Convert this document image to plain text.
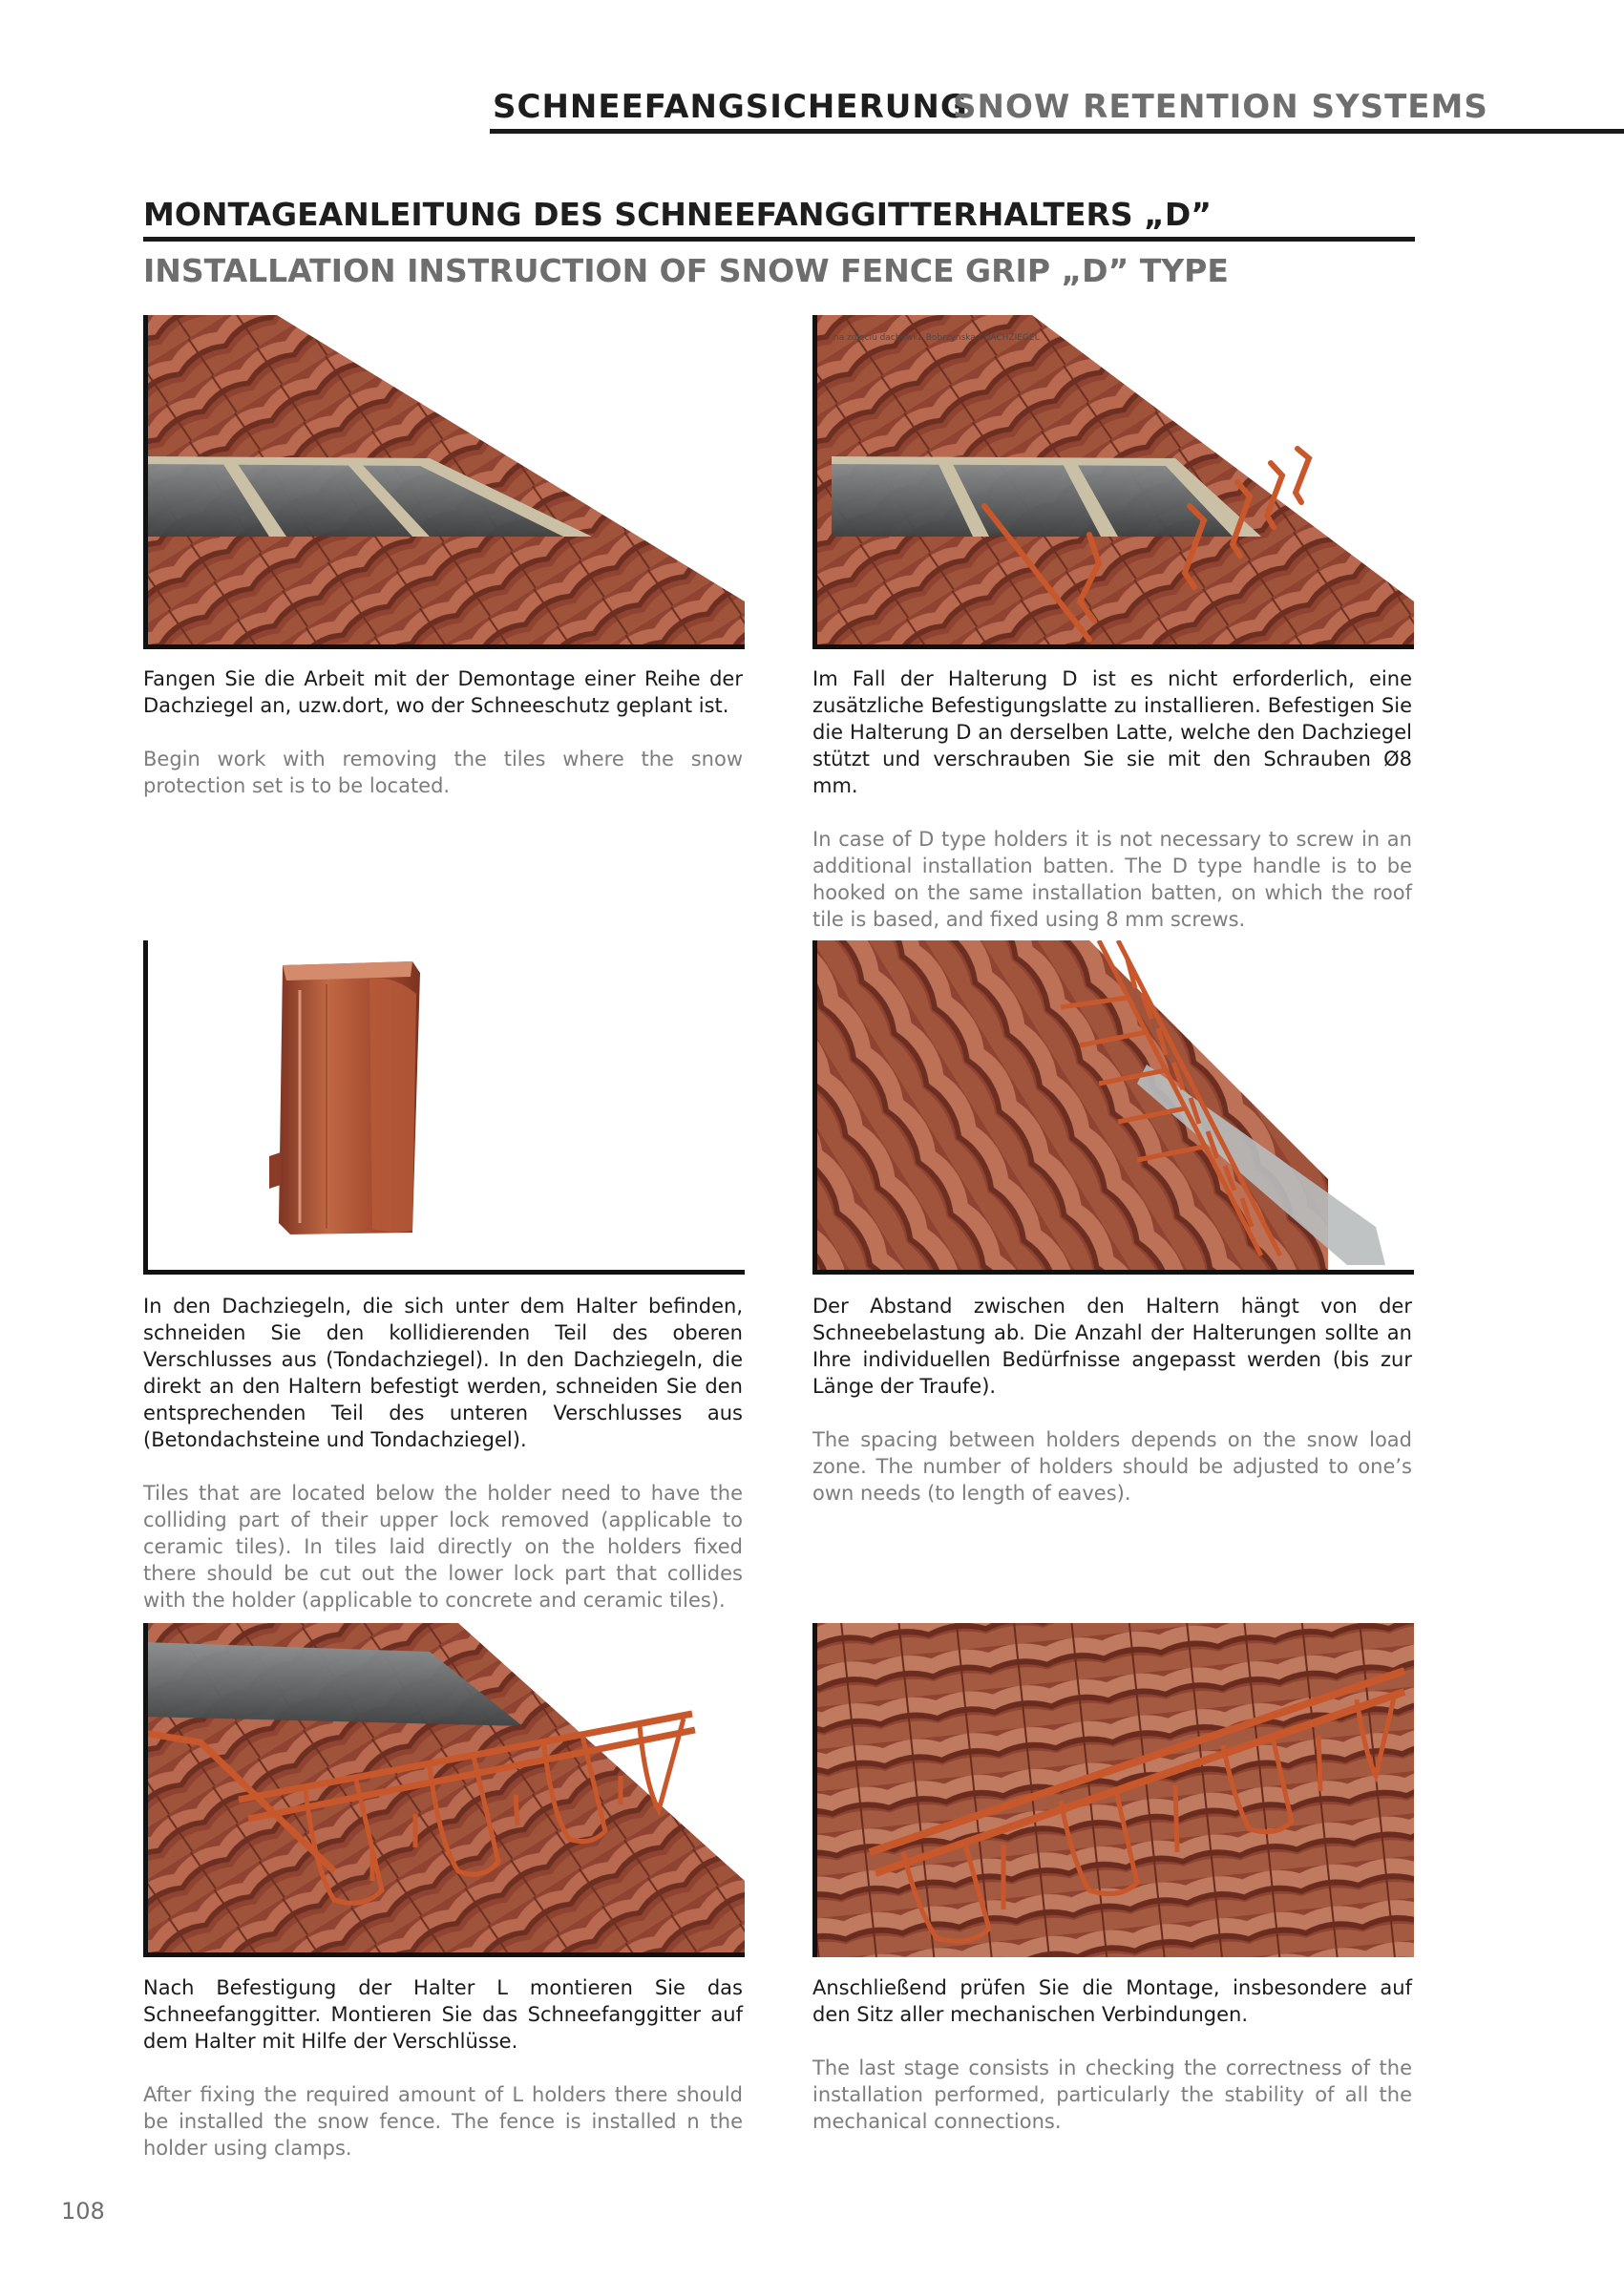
SCHNEEFANGSICHERUNG
SNOW RETENTION SYSTEMS
MONTAGEANLEITUNG DES SCHNEEFANGGITTERHALTERS „D”
INSTALLATION INSTRUCTION OF SNOW FENCE GRIP „D” TYPE
na zdjęciu dachówka Bobrzynska / DACHZIEGEL

Fangen Sie die Arbeit mit der Demontage einer Reihe der Dachziegel an, uzw.dort, wo der Schneeschutz geplant ist.

Begin work with removing the tiles where the snow protection set is to be located.

Im Fall der Halterung D ist es nicht erforderlich, eine zusätzliche Befestigungslatte zu installieren. Befestigen Sie die Halterung D an derselben Latte, welche den Dachziegel stützt und verschrauben Sie sie mit den Schrauben Ø8 mm.

In case of D type holders it is not necessary to screw in an additional installation batten. The D type handle is to be hooked on the same installation batten, on which the roof tile is based, and fixed using 8 mm screws.

In den Dachziegeln, die sich unter dem Halter befinden, schneiden Sie den kollidierenden Teil des oberen Verschlusses aus (Tondachziegel). In den Dachziegeln, die direkt an den Haltern befestigt werden, schneiden Sie den entsprechenden Teil des unteren Verschlusses aus (Betondachsteine und Tondachziegel).

Tiles that are located below the holder need to have the colliding part of their upper lock removed (applicable to ceramic tiles). In tiles laid directly on the holders fixed there should be cut out the lower lock part that collides with the holder (applicable to concrete and ceramic tiles).

Der Abstand zwischen den Haltern hängt von der Schneebelastung ab. Die Anzahl der Halterungen sollte an Ihre individuellen Bedürfnisse angepasst werden (bis zur Länge der Traufe).

The spacing between holders depends on the snow load zone. The number of holders should be adjusted to one’s own needs (to length of eaves).

Nach Befestigung der Halter L montieren Sie das Schneefanggitter. Montieren Sie das Schneefanggitter auf dem Halter mit Hilfe der Verschlüsse.

After fixing the required amount of L holders there should be installed the snow fence. The fence is installed n the holder using clamps.

Anschließend prüfen Sie die Montage, insbesondere auf den Sitz aller mechanischen Verbindungen.

The last stage consists in checking the correctness of the installation performed, particularly the stability of all the mechanical connections.

108
